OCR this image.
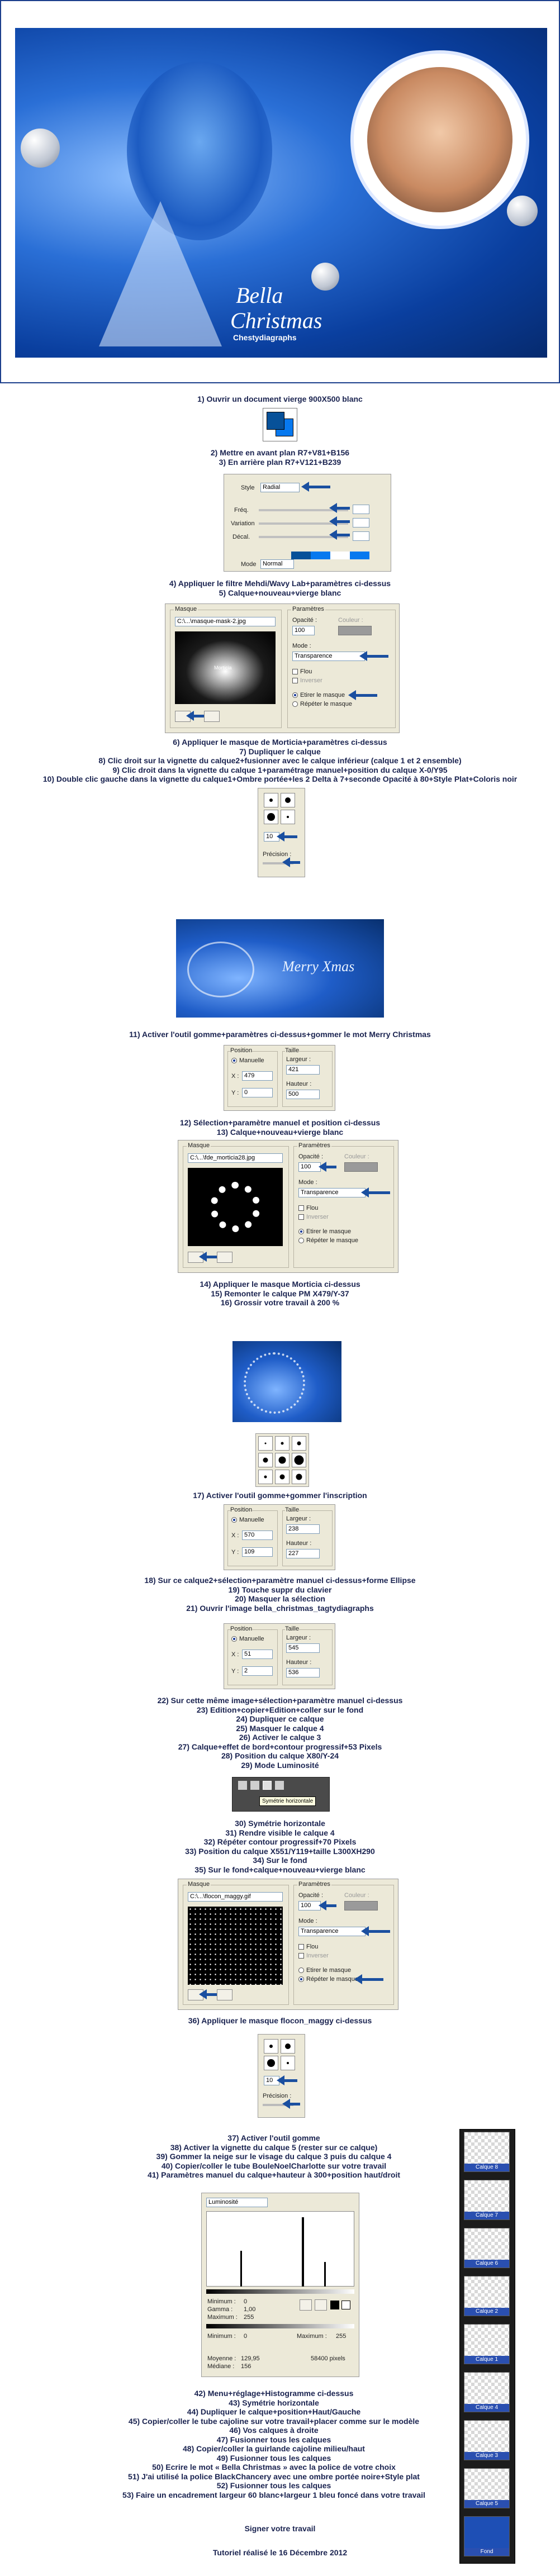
Bella
Christmas
Chestydiagraphs
1) Ouvrir un document vierge 900X500 blanc
2) Mettre en avant plan R7+V81+B156
3) En arrière plan R7+V121+B239
Style	Radial
Fréq.
Variation
Décal.
Mode	Normal
4) Appliquer le filtre Mehdi/Wavy Lab+paramètres ci-dessus
5) Calque+nouveau+vierge blanc
Masque
C:\...\masque-mask-2.jpg
Morticia
Paramètres
Opacité :
100
Couleur :
Mode :
Transparence
Flou
Inverser
Etirer le masque
Répéter le masque
6) Appliquer le masque de Morticia+paramètres ci-dessus
7) Dupliquer le calque
8) Clic droit sur la vignette du calque2+fusionner avec le calque inférieur (calque 1 et 2 ensemble)
9) Clic droit dans la vignette du calque 1+paramétrage manuel+position du calque X-0/Y95
10) Double clic gauche dans la vignette du calque1+Ombre portée+les 2 Delta à 7+seconde Opacité à 80+Style Plat+Coloris noir
10
Précision :
Merry Xmas
11) Activer l'outil gomme+paramètres ci-dessus+gommer le mot Merry Christmas
Position
Manuelle
X : 479
Y : 0
Taille
Largeur :
421
Hauteur :
500
12) Sélection+paramètre manuel et position ci-dessus
13) Calque+nouveau+vierge blanc
Masque
C:\...\fde_morticia28.jpg
Paramètres
Opacité :
100
Couleur :
Mode :
Transparence
Flou
Inverser
Etirer le masque
Répéter le masque
14) Appliquer le masque Morticia ci-dessus
15) Remonter le calque PM X479/Y-37
16) Grossir votre travail à 200 %
17) Activer l'outil gomme+gommer l'inscription
Position
Manuelle
X : 570
Y : 109
Taille
Largeur :
238
Hauteur :
227
18) Sur ce calque2+sélection+paramètre manuel ci-dessus+forme Ellipse
19) Touche suppr du clavier
20) Masquer la sélection
21) Ouvrir l'image bella_christmas_tagtydiagraphs
Position
Manuelle
X : 51
Y : 2
Taille
Largeur :
545
Hauteur :
536
22) Sur cette même image+sélection+paramètre manuel ci-dessus
23) Edition+copier+Edition+coller sur le fond
24) Dupliquer ce calque
25) Masquer le calque 4
26) Activer le calque 3
27) Calque+effet de bord+contour progressif+53 Pixels
28) Position du calque X80/Y-24
29) Mode Luminosité
Symétrie horizontale
30) Symétrie horizontale
31) Rendre visible le calque 4
32) Répéter contour progressif+70 Pixels
33) Position du calque X551/Y119+taille L300XH290
34) Sur le fond
35) Sur le fond+calque+nouveau+vierge blanc
Masque
C:\...\flocon_maggy.gif
Paramètres
Opacité :
100
Couleur :
Mode :
Transparence
Flou
Inverser
Etirer le masque
Répéter le masque
36) Appliquer le masque flocon_maggy ci-dessus
10
Précision :
37) Activer l'outil gomme
38) Activer la vignette du calque 5 (rester sur ce calque)
39) Gommer la neige sur le visage du calque 3 puis du calque 4
40) Copier/coller le tube BouleNoelCharlotte sur votre travail
41) Paramètres manuel du calque+hauteur à 300+position haut/droit
Luminosité
Minimum : 0
Gamma : 1,00
Maximum : 255
Minimum : 0	Maximum : 255
Moyenne : 129,95
Médiane : 156
58400 pixels
42) Menu+réglage+Histogramme ci-dessus
43) Symétrie horizontale
44) Dupliquer le calque+position+Haut/Gauche
45) Copier/coller le tube cajoline sur votre travail+placer comme sur le modèle
46) Vos calques à droite
47) Fusionner tous les calques
48) Copier/coller la guirlande cajoline milieu/haut
49) Fusionner tous les calques
50) Ecrire le mot « Bella Christmas » avec la police de votre choix
51) J'ai utilisé la police BlackChancery avec une ombre portée noire+Style plat
52) Fusionner tous les calques
53) Faire un encadrement largeur 60 blanc+largeur 1 bleu foncé dans votre travail
Signer votre travail
Tutoriel réalisé le 16 Décembre 2012
Calque 8
Calque 7
Calque 6
Calque 2
Calque 1
Calque 4
Calque 3
Calque 5
Fond
